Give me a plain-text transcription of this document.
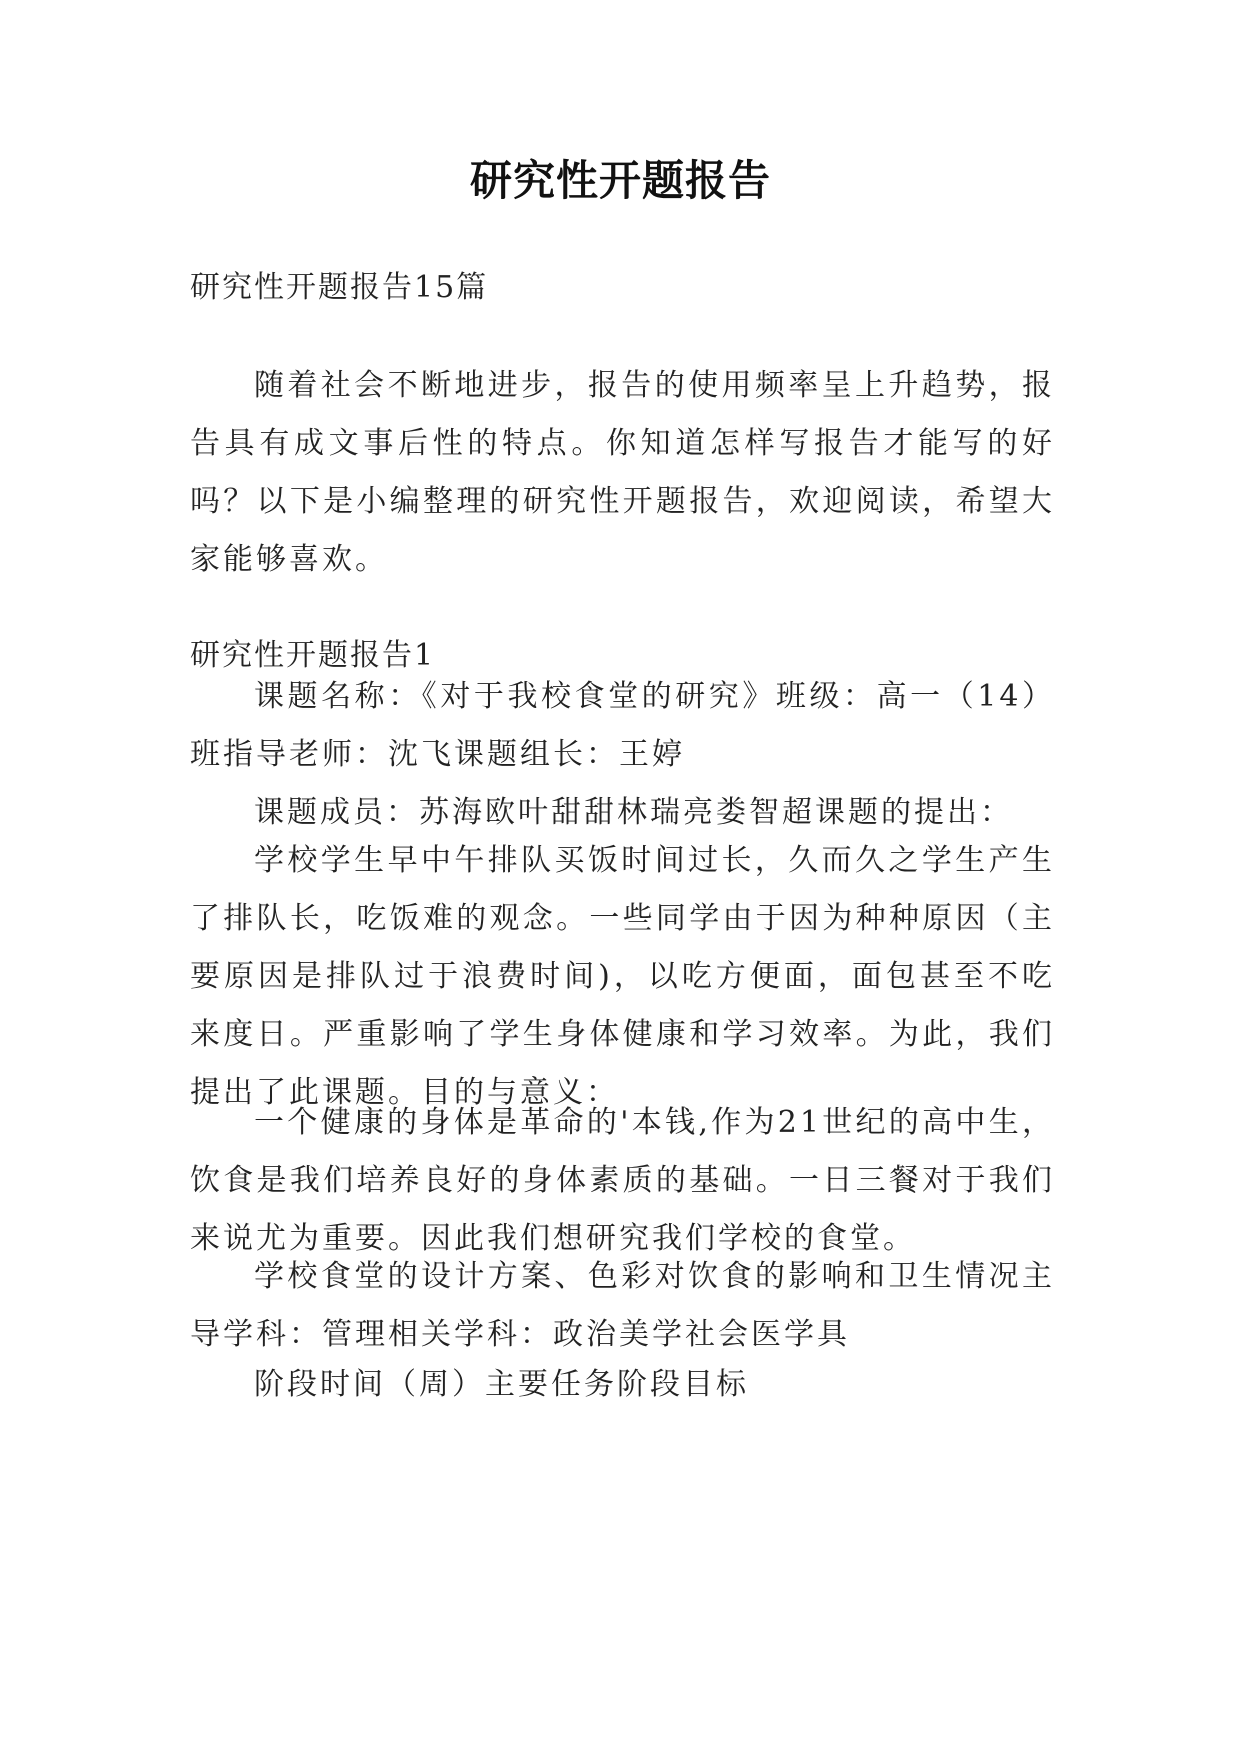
研究性开题报告
研究性开题报告15篇

随着社会不断地进步，报告的使用频率呈上升趋势，报告具有成文事后性的特点。你知道怎样写报告才能写的好吗？以下是小编整理的研究性开题报告，欢迎阅读，希望大家能够喜欢。

研究性开题报告1

课题名称：《对于我校食堂的研究》班级：高一（14）班指导老师：沈飞课题组长：王婷

课题成员：苏海欧叶甜甜林瑞亮娄智超课题的提出：

学校学生早中午排队买饭时间过长，久而久之学生产生了排队长，吃饭难的观念。一些同学由于因为种种原因（主要原因是排队过于浪费时间)，以吃方便面，面包甚至不吃来度日。严重影响了学生身体健康和学习效率。为此，我们提出了此课题。目的与意义：

一个健康的身体是革命的'本钱,作为21世纪的高中生，饮食是我们培养良好的身体素质的基础。一日三餐对于我们来说尤为重要。因此我们想研究我们学校的食堂。

学校食堂的设计方案、色彩对饮食的影响和卫生情况主导学科：管理相关学科：政治美学社会医学具

阶段时间（周）主要任务阶段目标
